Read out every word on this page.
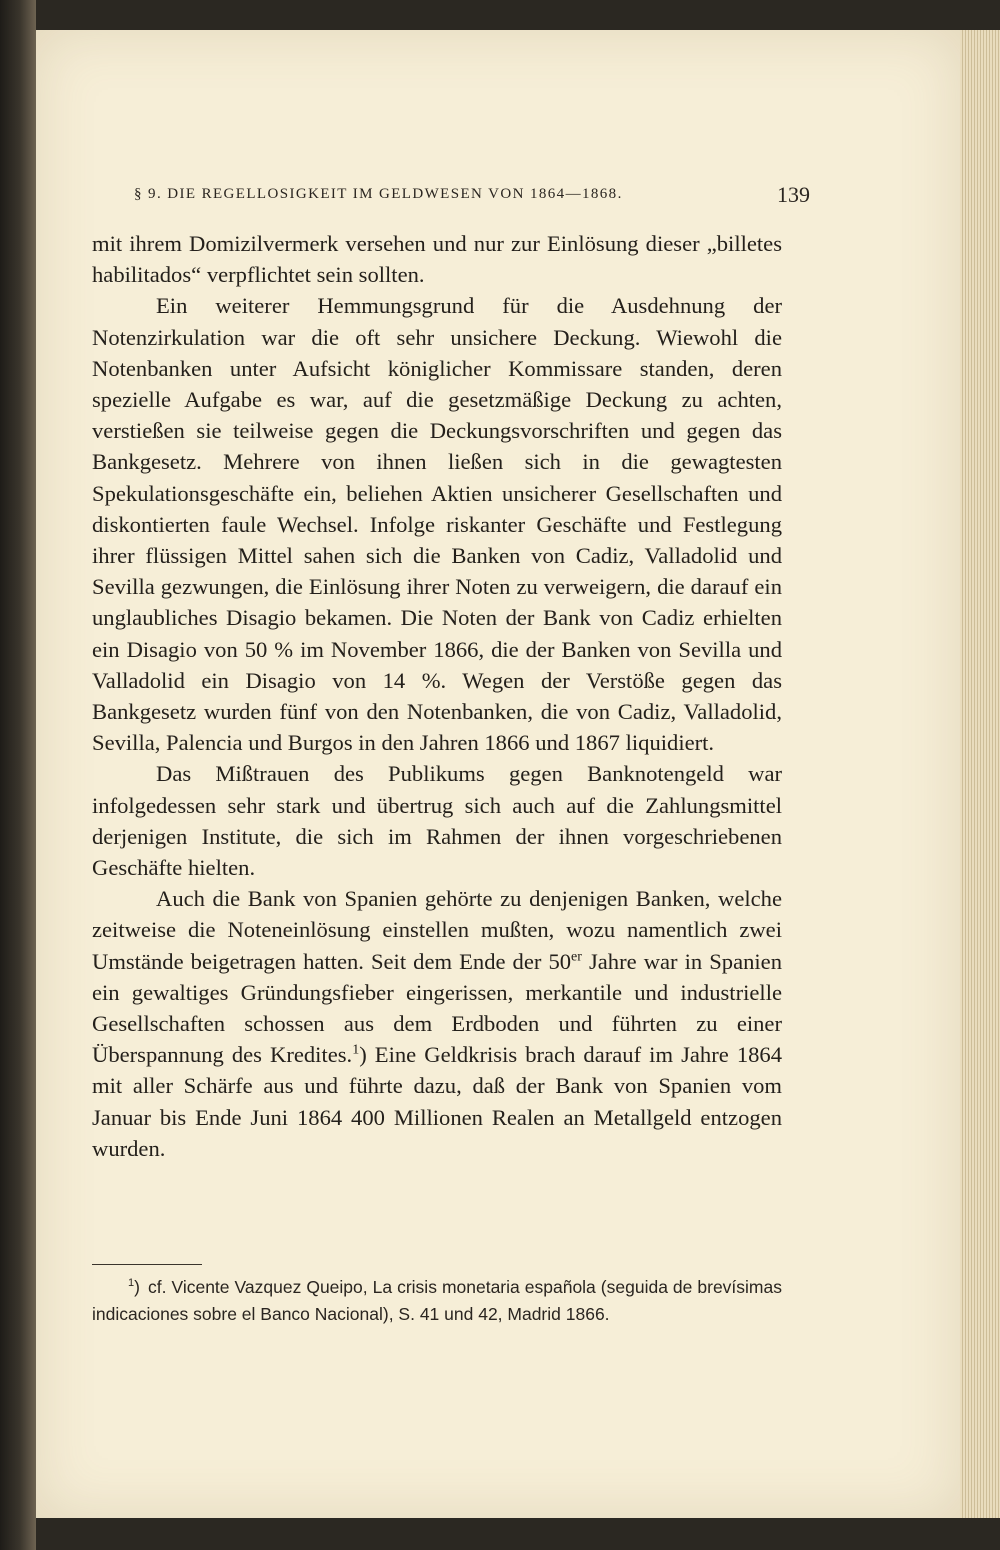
§ 9. DIE REGELLOSIGKEIT IM GELDWESEN VON 1864—1868.	139

mit ihrem Domizilvermerk versehen und nur zur Einlösung dieser „billetes habilitados“ verpflichtet sein sollten.

Ein weiterer Hemmungsgrund für die Ausdehnung der Notenzirkulation war die oft sehr unsichere Deckung. Wiewohl die Notenbanken unter Aufsicht königlicher Kommissare standen, deren spezielle Aufgabe es war, auf die gesetzmäßige Deckung zu achten, verstießen sie teilweise gegen die Deckungsvorschriften und gegen das Bankgesetz. Mehrere von ihnen ließen sich in die gewagtesten Spekulationsgeschäfte ein, beliehen Aktien unsicherer Gesellschaften und diskontierten faule Wechsel. Infolge riskanter Geschäfte und Festlegung ihrer flüssigen Mittel sahen sich die Banken von Cadiz, Valladolid und Sevilla gezwungen, die Einlösung ihrer Noten zu verweigern, die darauf ein unglaubliches Disagio bekamen. Die Noten der Bank von Cadiz erhielten ein Disagio von 50 % im November 1866, die der Banken von Sevilla und Valladolid ein Disagio von 14 %. Wegen der Verstöße gegen das Bankgesetz wurden fünf von den Notenbanken, die von Cadiz, Valladolid, Sevilla, Palencia und Burgos in den Jahren 1866 und 1867 liquidiert.

Das Mißtrauen des Publikums gegen Banknotengeld war infolgedessen sehr stark und übertrug sich auch auf die Zahlungsmittel derjenigen Institute, die sich im Rahmen der ihnen vorgeschriebenen Geschäfte hielten.

Auch die Bank von Spanien gehörte zu denjenigen Banken, welche zeitweise die Noteneinlösung einstellen mußten, wozu namentlich zwei Umstände beigetragen hatten. Seit dem Ende der 50er Jahre war in Spanien ein gewaltiges Gründungsfieber eingerissen, merkantile und industrielle Gesellschaften schossen aus dem Erdboden und führten zu einer Überspannung des Kredites.$^1$) Eine Geldkrisis brach darauf im Jahre 1864 mit aller Schärfe aus und führte dazu, daß der Bank von Spanien vom Januar bis Ende Juni 1864 400 Millionen Realen an Metallgeld entzogen wurden.

$^1$) cf. Vicente Vazquez Queipo, La crisis monetaria española (seguida de brevísimas indicaciones sobre el Banco Nacional), S. 41 und 42, Madrid 1866.
